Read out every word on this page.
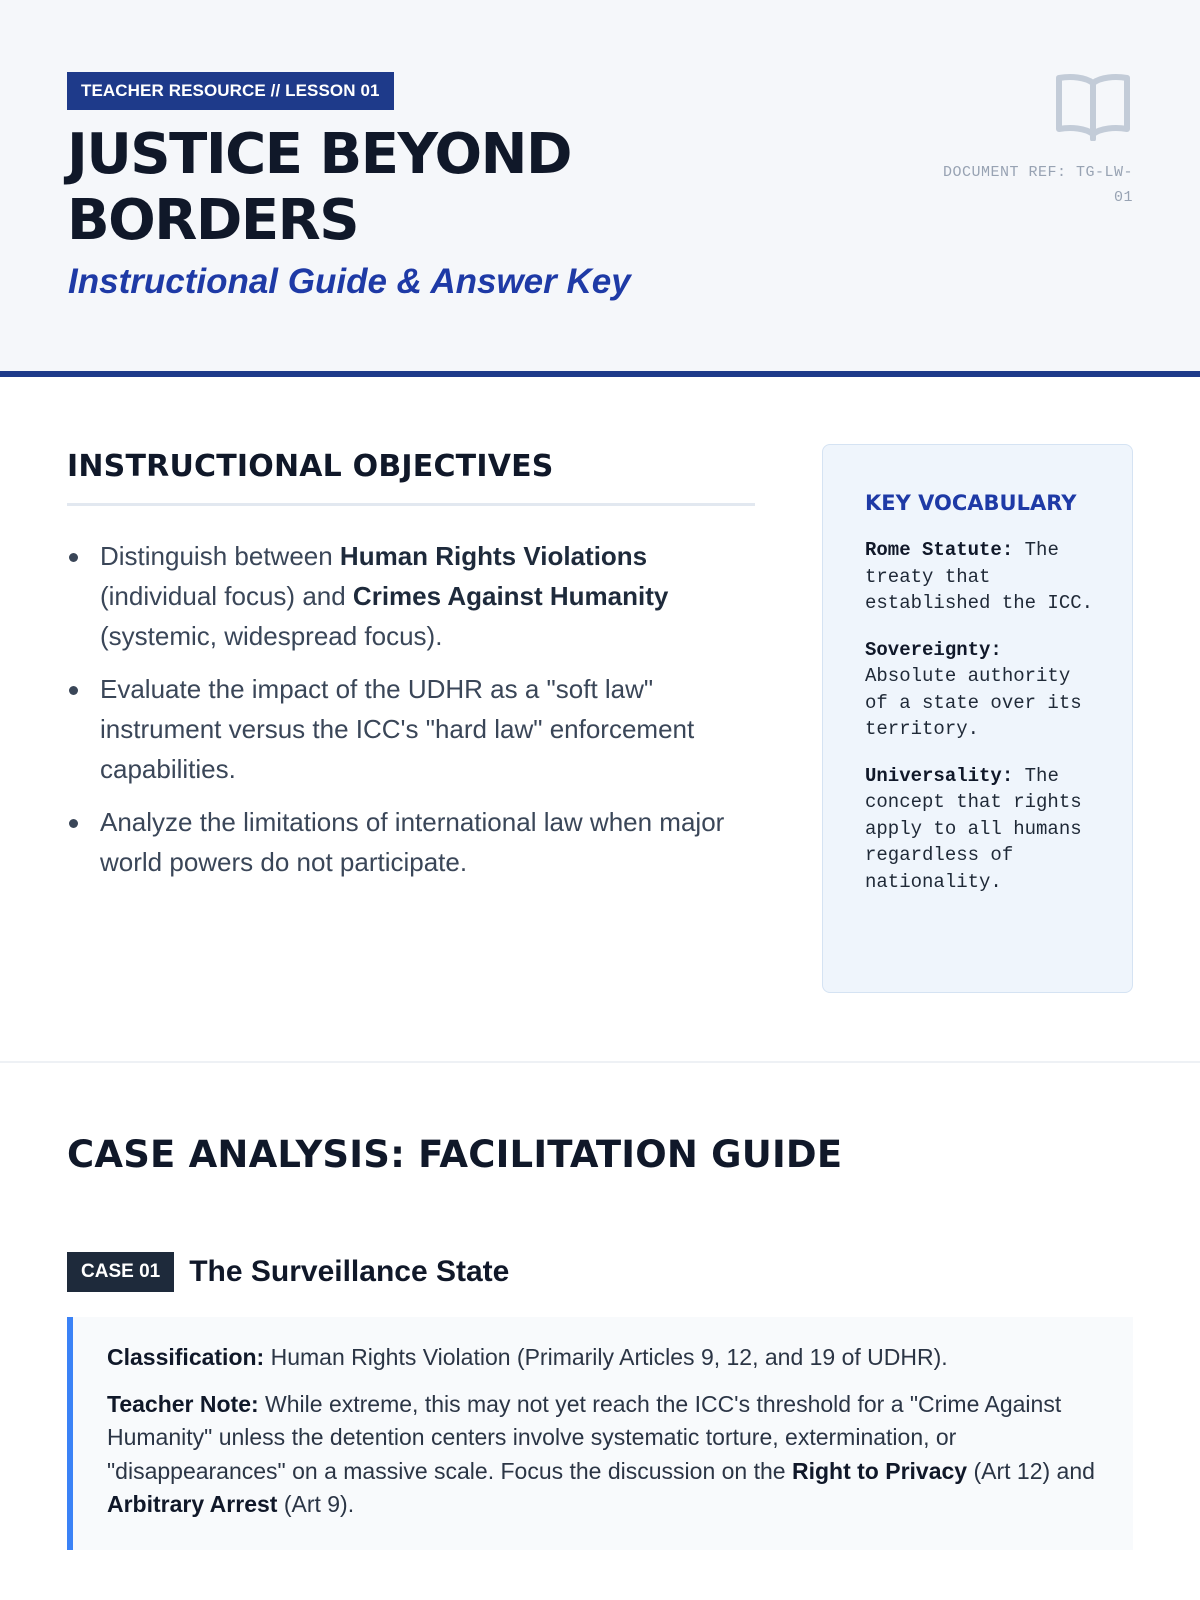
TEACHER RESOURCE // LESSON 01
JUSTICE BEYOND
BORDERS
Instructional Guide & Answer Key
DOCUMENT REF: TG-LW-
01
INSTRUCTIONAL OBJECTIVES
Distinguish between Human Rights Violations (individual focus) and Crimes Against Humanity (systemic, widespread focus).
Evaluate the impact of the UDHR as a "soft law" instrument versus the ICC's "hard law" enforcement capabilities.
Analyze the limitations of international law when major world powers do not participate.
KEY VOCABULARY

Rome Statute: The treaty that established the ICC.

Sovereignty: Absolute authority of a state over its territory.

Universality: The concept that rights apply to all humans regardless of nationality.

CASE ANALYSIS: FACILITATION GUIDE
CASE 01 The Surveillance State

Classification: Human Rights Violation (Primarily Articles 9, 12, and 19 of UDHR).

Teacher Note: While extreme, this may not yet reach the ICC's threshold for a "Crime Against Humanity" unless the detention centers involve systematic torture, extermination, or "disappearances" on a massive scale. Focus the discussion on the Right to Privacy (Art 12) and Arbitrary Arrest (Art 9).
